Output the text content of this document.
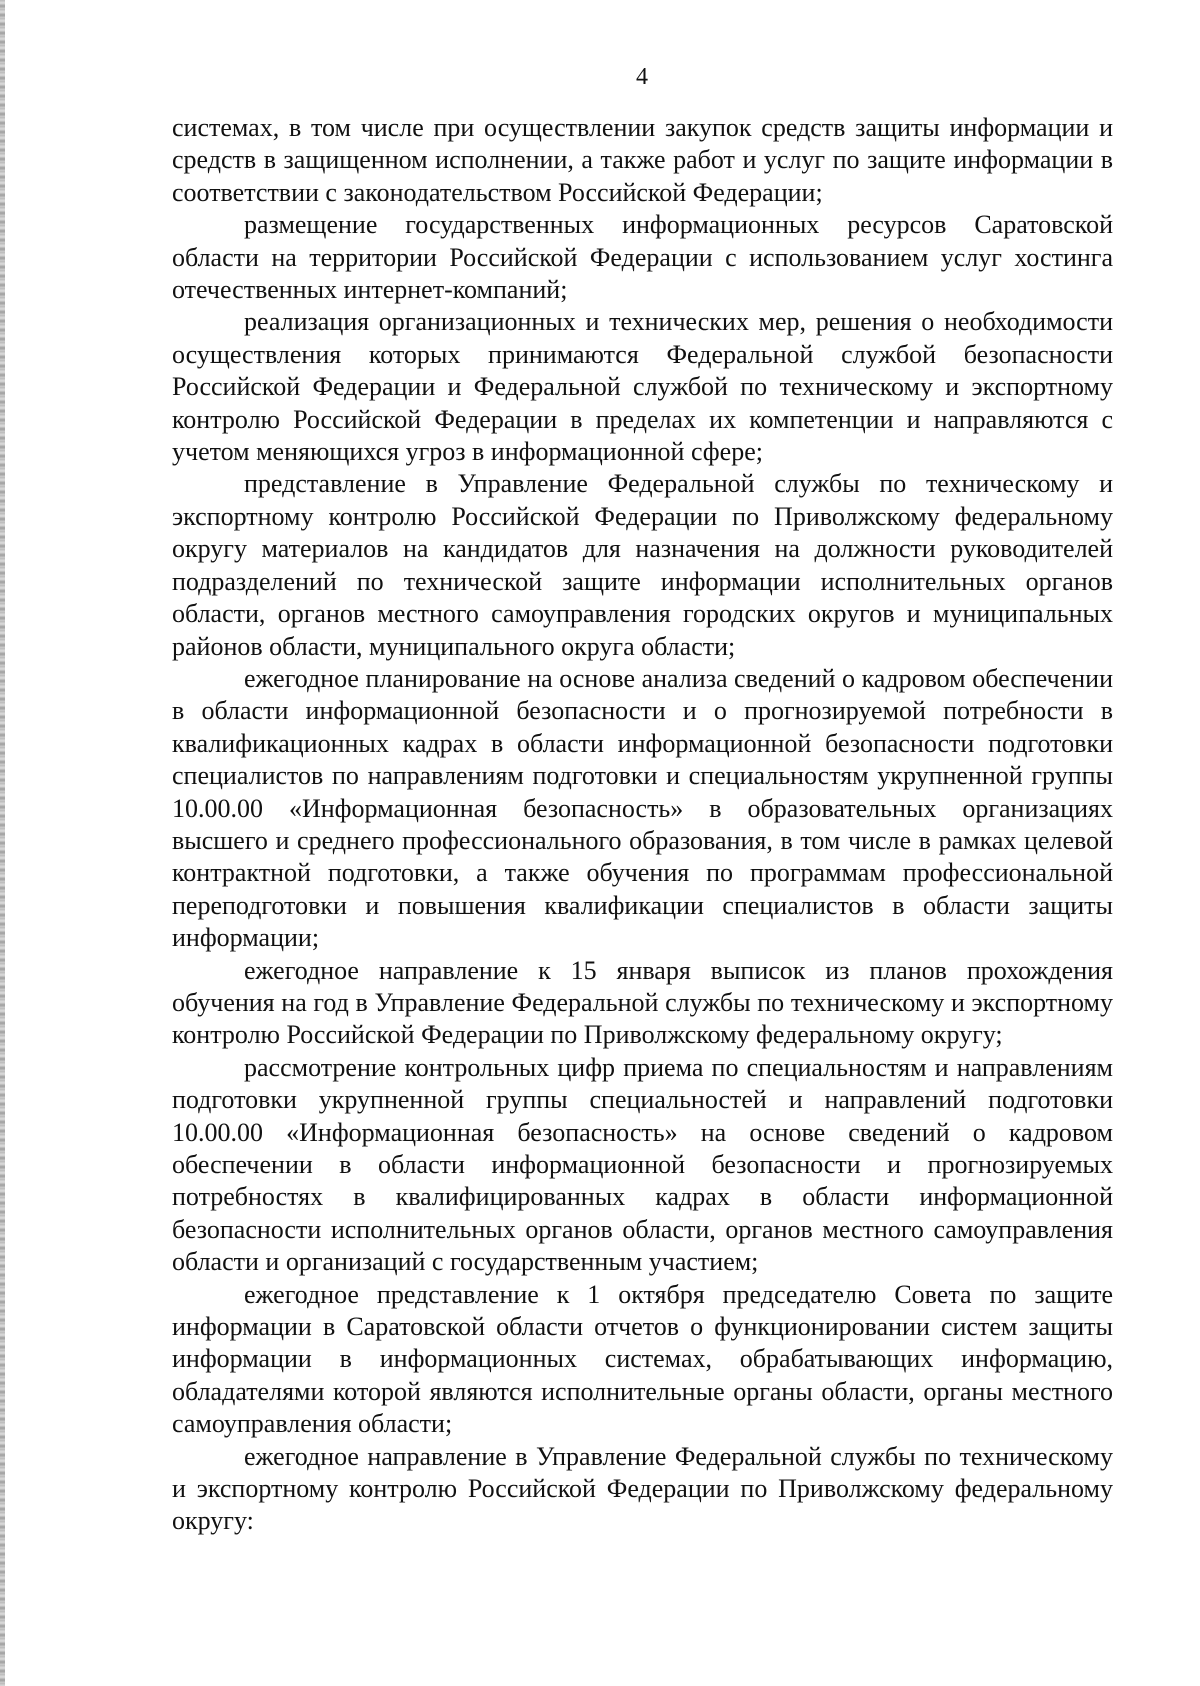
4

системах, в том числе при осуществлении закупок средств защиты информации и средств в защищенном исполнении, а также работ и услуг по защите информации в соответствии с законодательством Российской Федерации;

размещение государственных информационных ресурсов Саратовской области на территории Российской Федерации с использованием услуг хостинга отечественных интернет-компаний;

реализация организационных и технических мер, решения о необходимости осуществления которых принимаются Федеральной службой безопасности Российской Федерации и Федеральной службой по техническому и экспортному контролю Российской Федерации в пределах их компетенции и направляются с учетом меняющихся угроз в информационной сфере;

представление в Управление Федеральной службы по техническому и экспортному контролю Российской Федерации по Приволжскому федеральному округу материалов на кандидатов для назначения на должности руководителей подразделений по технической защите информации исполнительных органов области, органов местного самоуправления городских округов и муниципальных районов области, муниципального округа области;

ежегодное планирование на основе анализа сведений о кадровом обеспечении в области информационной безопасности и о прогнозируемой потребности в квалификационных кадрах в области информационной безопасности подготовки специалистов по направлениям подготовки и специальностям укрупненной группы 10.00.00 «Информационная безопасность» в образовательных организациях высшего и среднего профессионального образования, в том числе в рамках целевой контрактной подготовки, а также обучения по программам профессиональной переподготовки и повышения квалификации специалистов в области защиты информации;

ежегодное направление к 15 января выписок из планов прохождения обучения на год в Управление Федеральной службы по техническому и экспортному контролю Российской Федерации по Приволжскому федеральному округу;

рассмотрение контрольных цифр приема по специальностям и направлениям подготовки укрупненной группы специальностей и направлений подготовки 10.00.00 «Информационная безопасность» на основе сведений о кадровом обеспечении в области информационной безопасности и прогнозируемых потребностях в квалифицированных кадрах в области информационной безопасности исполнительных органов области, органов местного самоуправления области и организаций с государственным участием;

ежегодное представление к 1 октября председателю Совета по защите информации в Саратовской области отчетов о функционировании систем защиты информации в информационных системах, обрабатывающих информацию, обладателями которой являются исполнительные органы области, органы местного самоуправления области;

ежегодное направление в Управление Федеральной службы по техническому и экспортному контролю Российской Федерации по Приволжскому федеральному округу:
